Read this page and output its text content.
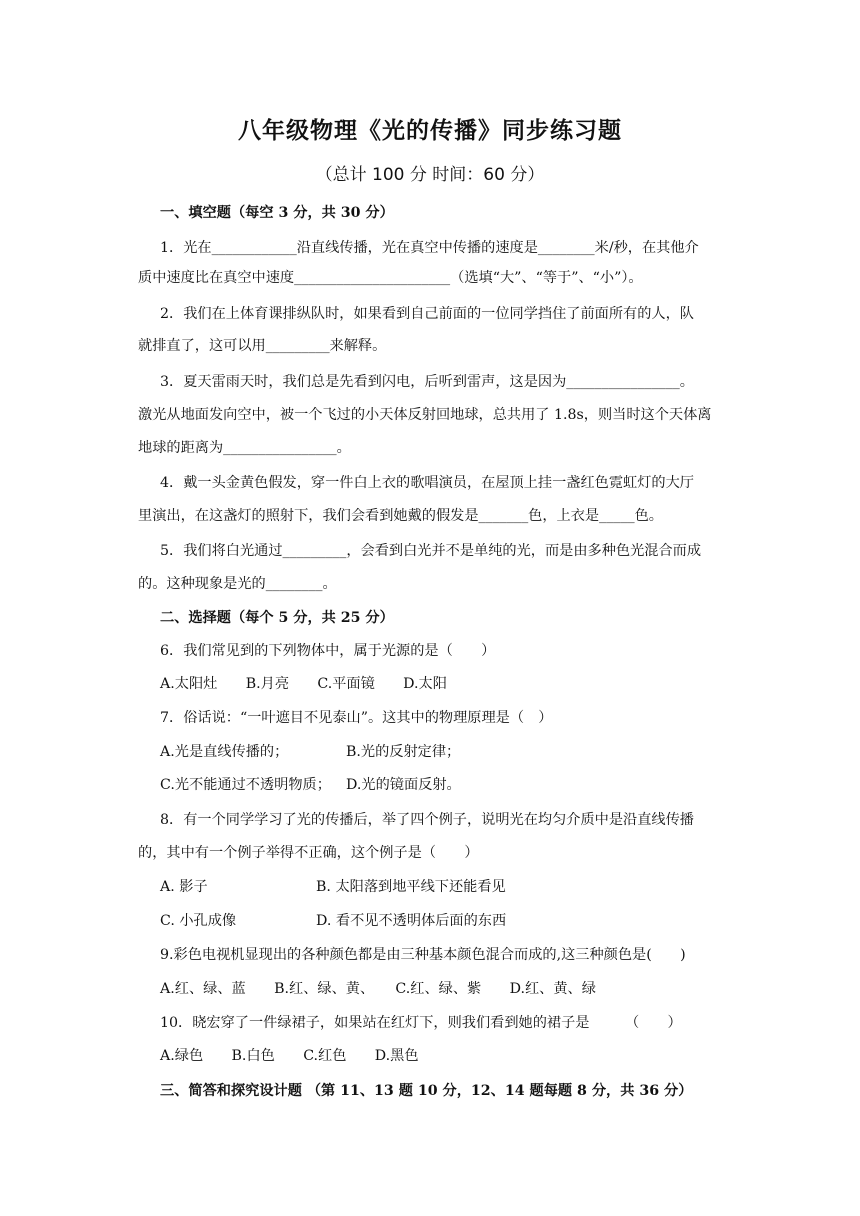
八年级物理《光的传播》同步练习题
（总计 100 分 时间：60 分）
一、填空题（每空 3 分，共 30 分）
1．光在____________沿直线传播，光在真空中传播的速度是________米/秒，在其他介
质中速度比在真空中速度______________________（选填“大”、“等于”、“小”）。
2．我们在上体育课排纵队时，如果看到自己前面的一位同学挡住了前面所有的人，队
就排直了，这可以用_________来解释。
3．夏天雷雨天时，我们总是先看到闪电，后听到雷声，这是因为________________。
激光从地面发向空中，被一个飞过的小天体反射回地球，总共用了 1.8s，则当时这个天体离
地球的距离为________________。
4．戴一头金黄色假发，穿一件白上衣的歌唱演员，在屋顶上挂一盏红色霓虹灯的大厅
里演出，在这盏灯的照射下，我们会看到她戴的假发是_______色，上衣是_____色。
5．我们将白光通过_________，会看到白光并不是单纯的光，而是由多种色光混合而成
的。这种现象是光的________。
二、选择题（每个 5 分，共 25 分）
6．我们常见到的下列物体中，属于光源的是（　　）
A.太阳灶　　B.月亮　　C.平面镜　　D.太阳
7．俗话说：“一叶遮目不见泰山”。这其中的物理原理是（　）
A.光是直线传播的；	B.光的反射定律；
C.光不能通过不透明物质； D.光的镜面反射。
8．有一个同学学习了光的传播后，举了四个例子，说明光在均匀介质中是沿直线传播
的，其中有一个例子举得不正确，这个例子是（　　）
A. 影子	B. 太阳落到地平线下还能看见
C. 小孔成像	D. 看不见不透明体后面的东西
9.彩色电视机显现出的各种颜色都是由三种基本颜色混合而成的,这三种颜色是(　　)
A.红、绿、蓝　　B.红、绿、黄、　　C.红、绿、紫　　D.红、黄、绿
10．晓宏穿了一件绿裙子，如果站在红灯下，则我们看到她的裙子是　　　（　　）
A.绿色　　B.白色　　C.红色　　D.黑色
三、简答和探究设计题 （第 11、13 题 10 分，12、14 题每题 8 分，共 36 分）
